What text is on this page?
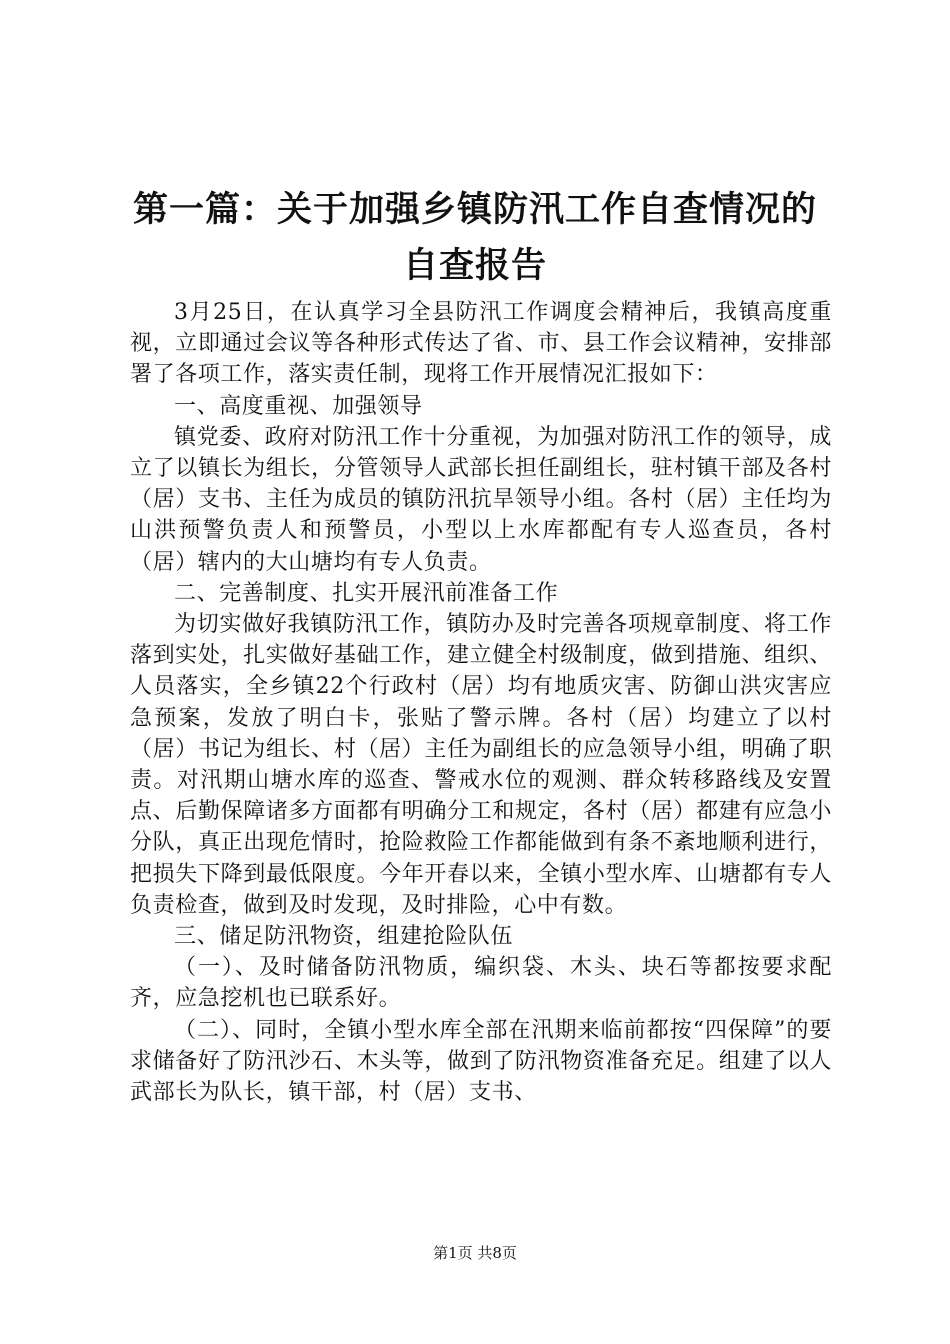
第一篇：关于加强乡镇防汛工作自查情况的自查报告

3月25日，在认真学习全县防汛工作调度会精神后，我镇高度重视，立即通过会议等各种形式传达了省、市、县工作会议精神，安排部署了各项工作，落实责任制，现将工作开展情况汇报如下：

一、高度重视、加强领导

镇党委、政府对防汛工作十分重视，为加强对防汛工作的领导，成立了以镇长为组长，分管领导人武部长担任副组长，驻村镇干部及各村（居）支书、主任为成员的镇防汛抗旱领导小组。各村（居）主任均为山洪预警负责人和预警员，小型以上水库都配有专人巡查员，各村（居）辖内的大山塘均有专人负责。

二、完善制度、扎实开展汛前准备工作

为切实做好我镇防汛工作，镇防办及时完善各项规章制度、将工作落到实处，扎实做好基础工作，建立健全村级制度，做到措施、组织、人员落实，全乡镇22个行政村（居）均有地质灾害、防御山洪灾害应急预案，发放了明白卡，张贴了警示牌。各村（居）均建立了以村（居）书记为组长、村（居）主任为副组长的应急领导小组，明确了职责。对汛期山塘水库的巡查、警戒水位的观测、群众转移路线及安置点、后勤保障诸多方面都有明确分工和规定，各村（居）都建有应急小分队，真正出现危情时，抢险救险工作都能做到有条不紊地顺利进行，把损失下降到最低限度。今年开春以来，全镇小型水库、山塘都有专人负责检查，做到及时发现，及时排险，心中有数。

三、储足防汛物资，组建抢险队伍

（一）、及时储备防汛物质，编织袋、木头、块石等都按要求配齐，应急挖机也已联系好。

（二）、同时，全镇小型水库全部在汛期来临前都按“四保障”的要求储备好了防汛沙石、木头等，做到了防汛物资准备充足。组建了以人武部长为队长，镇干部，村（居）支书、

第1页 共8页
